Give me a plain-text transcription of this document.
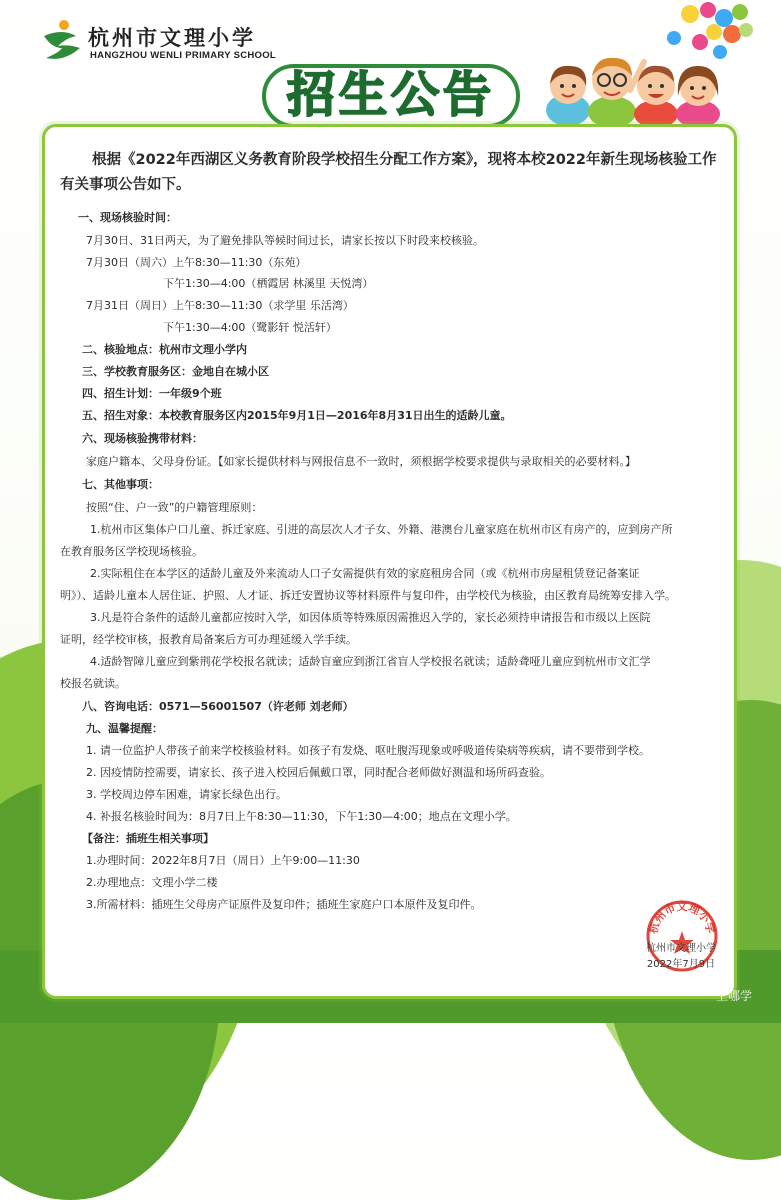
杭州市文理小学
HANGZHOU WENLI PRIMARY SCHOOL
招生公告
根据《2022年西湖区义务教育阶段学校招生分配工作方案》，现将本校2022年新生现场核验工作有关事项公告如下。
一、现场核验时间：
7月30日、31日两天，为了避免排队等候时间过长，请家长按以下时段来校核验。
7月30日（周六）上午8:30—11:30（东苑）
下午1:30—4:00（栖霞居 林溪里 天悦湾）
7月31日（周日）上午8:30—11:30（求学里 乐活湾）
下午1:30—4:00（鹭影轩 悦活轩）
二、核验地点：杭州市文理小学内
三、学校教育服务区：金地自在城小区
四、招生计划：一年级9个班
五、招生对象：本校教育服务区内2015年9月1日—2016年8月31日出生的适龄儿童。
六、现场核验携带材料：
家庭户籍本、父母身份证。【如家长提供材料与网报信息不一致时，须根据学校要求提供与录取相关的必要材料。】
七、其他事项：
按照“住、户一致”的户籍管理原则：
1.杭州市区集体户口儿童、拆迁家庭、引进的高层次人才子女、外籍、港澳台儿童家庭在杭州市区有房产的，应到房产所
在教育服务区学校现场核验。
2.实际租住在本学区的适龄儿童及外来流动人口子女需提供有效的家庭租房合同（或《杭州市房屋租赁登记备案证
明》）、适龄儿童本人居住证、护照、人才证、拆迁安置协议等材料原件与复印件，由学校代为核验，由区教育局统筹安排入学。
3.凡是符合条件的适龄儿童都应按时入学，如因体质等特殊原因需推迟入学的，家长必须持申请报告和市级以上医院
证明，经学校审核，报教育局备案后方可办理延缓入学手续。
4.适龄智障儿童应到紫荆花学校报名就读；适龄盲童应到浙江省盲人学校报名就读；适龄聋哑儿童应到杭州市文汇学
校报名就读。
八、咨询电话：0571—56001507（许老师 刘老师）
九、温馨提醒：
1. 请一位监护人带孩子前来学校核验材料。如孩子有发烧、呕吐腹泻现象或呼吸道传染病等疾病，请不要带到学校。
2. 因疫情防控需要，请家长、孩子进入校园后佩戴口罩，同时配合老师做好测温和场所码查验。
3. 学校周边停车困难，请家长绿色出行。
4. 补报名核验时间为：8月7日上午8:30—11:30，下午1:30—4:00；地点在文理小学。
【备注：插班生相关事项】
1.办理时间：2022年8月7日（周日）上午9:00—11:30
2.办理地点：文理小学二楼
3.所需材料：插班生父母房产证原件及复印件；插班生家庭户口本原件及复印件。
杭州市文理小学
杭州市文理小学
2022年7月9日
上哪学
